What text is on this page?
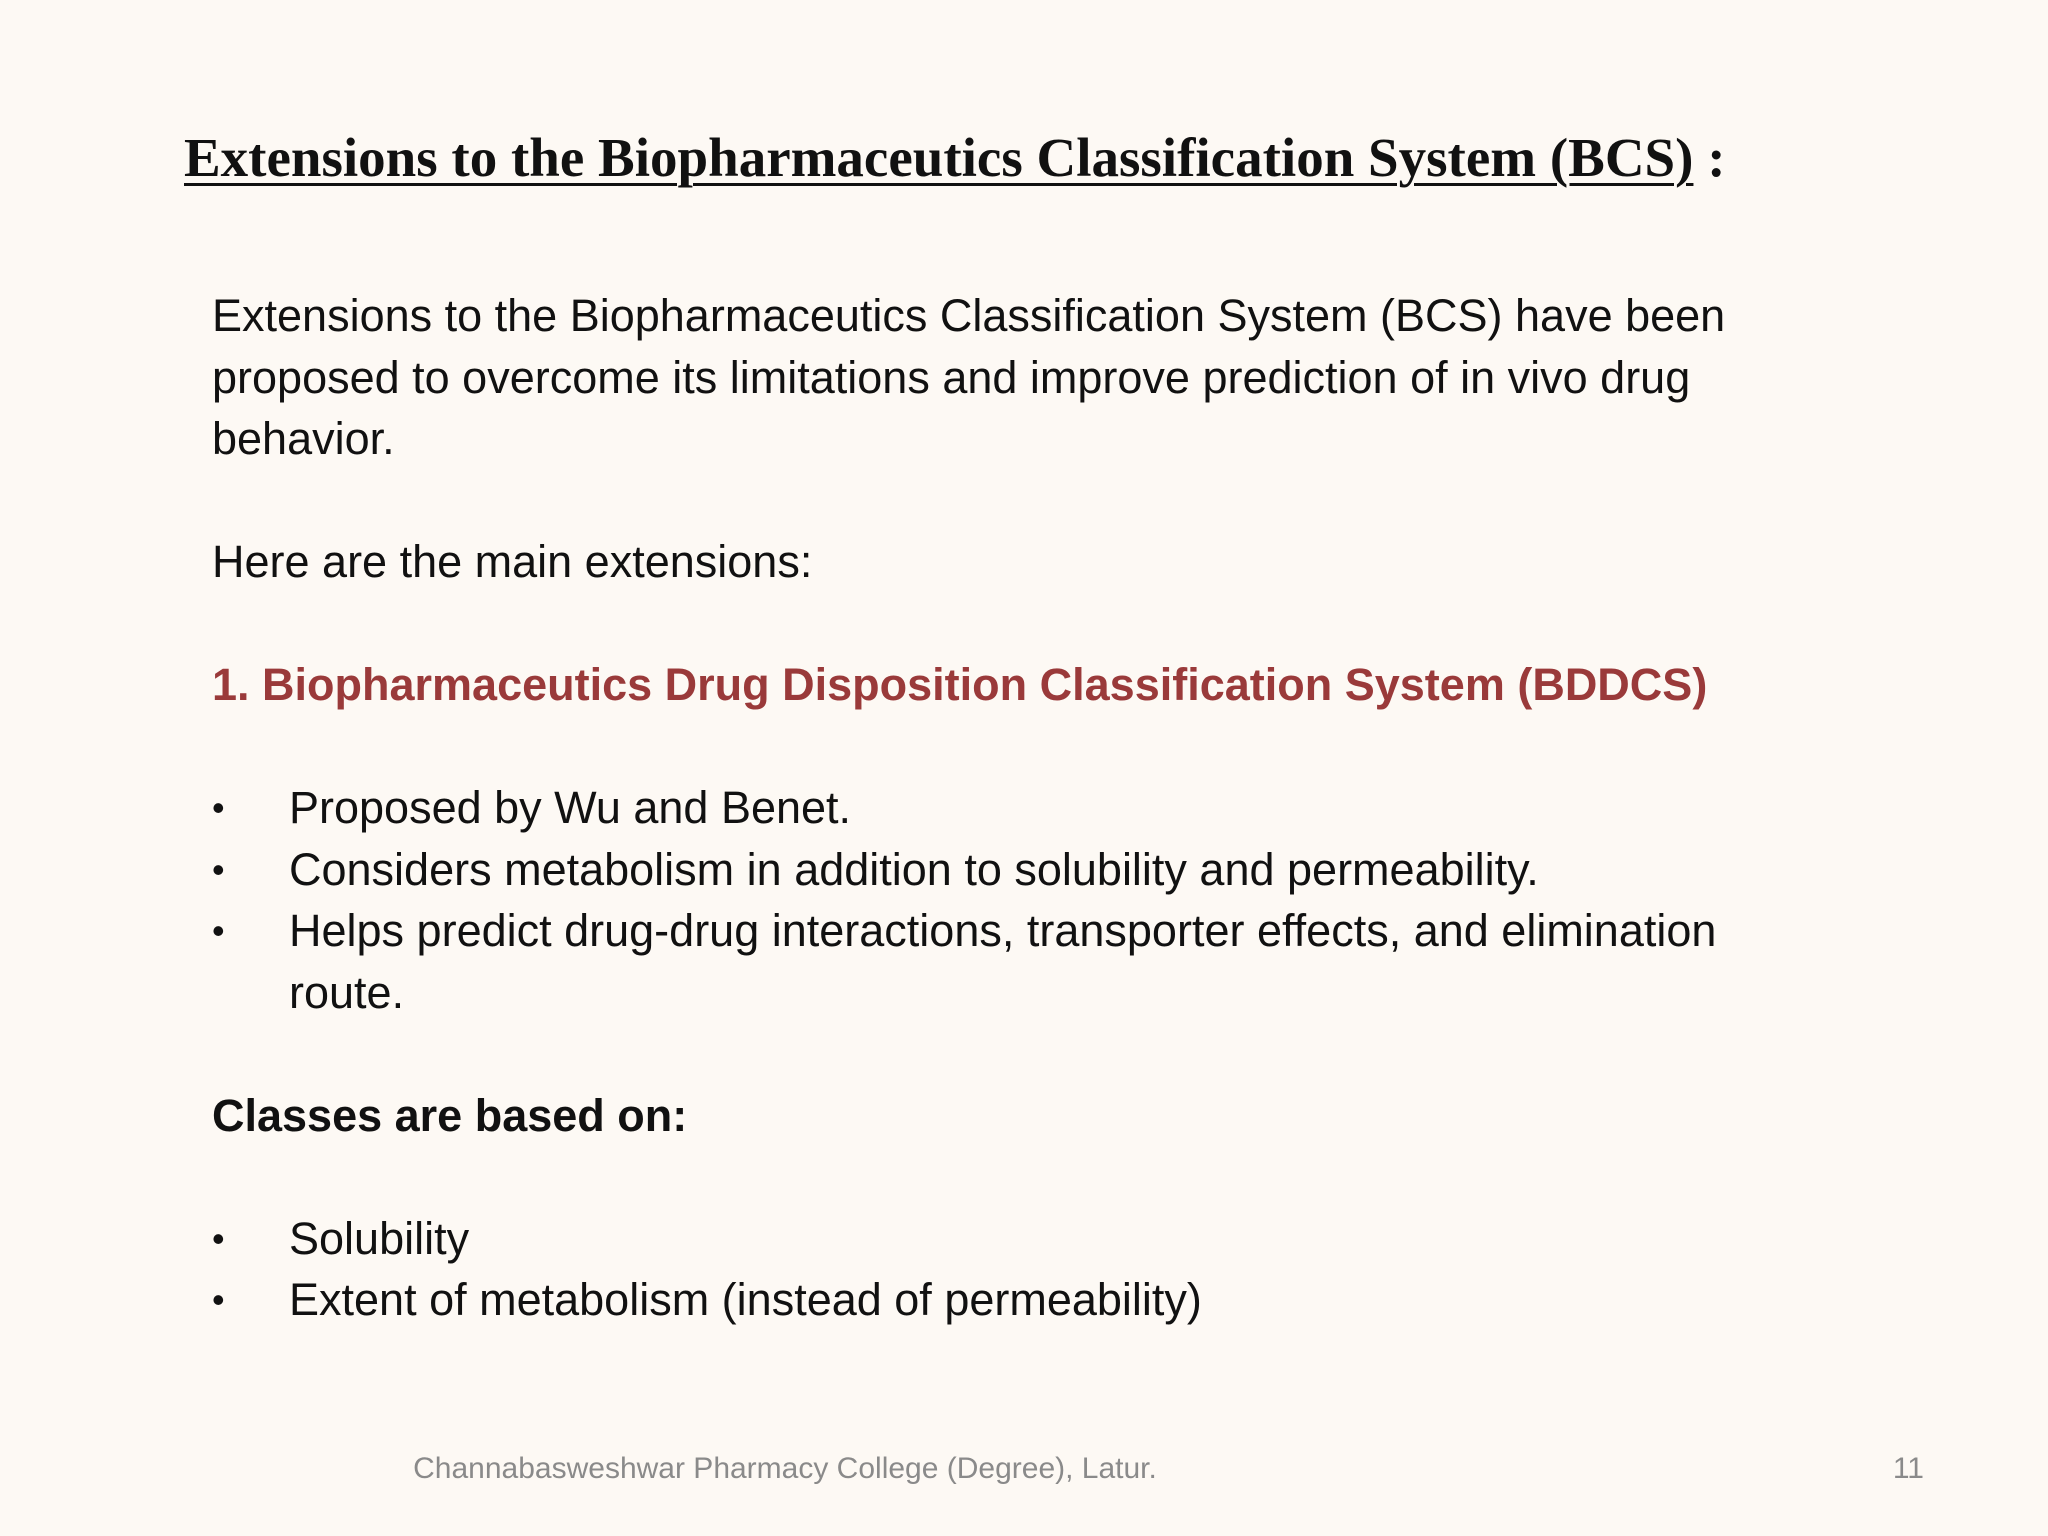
Extensions to the Biopharmaceutics Classification System (BCS) :

Extensions to the Biopharmaceutics Classification System (BCS) have been proposed to overcome its limitations and improve prediction of in vivo drug behavior.

Here are the main extensions:

1. Biopharmaceutics Drug Disposition Classification System (BDDCS)

•	Proposed by Wu and Benet.
•	Considers metabolism in addition to solubility and permeability.
•	Helps predict drug-drug interactions, transporter effects, and elimination route.

Classes are based on:

•	Solubility
•	Extent of metabolism (instead of permeability)
Channabasweshwar Pharmacy College (Degree), Latur.	11
